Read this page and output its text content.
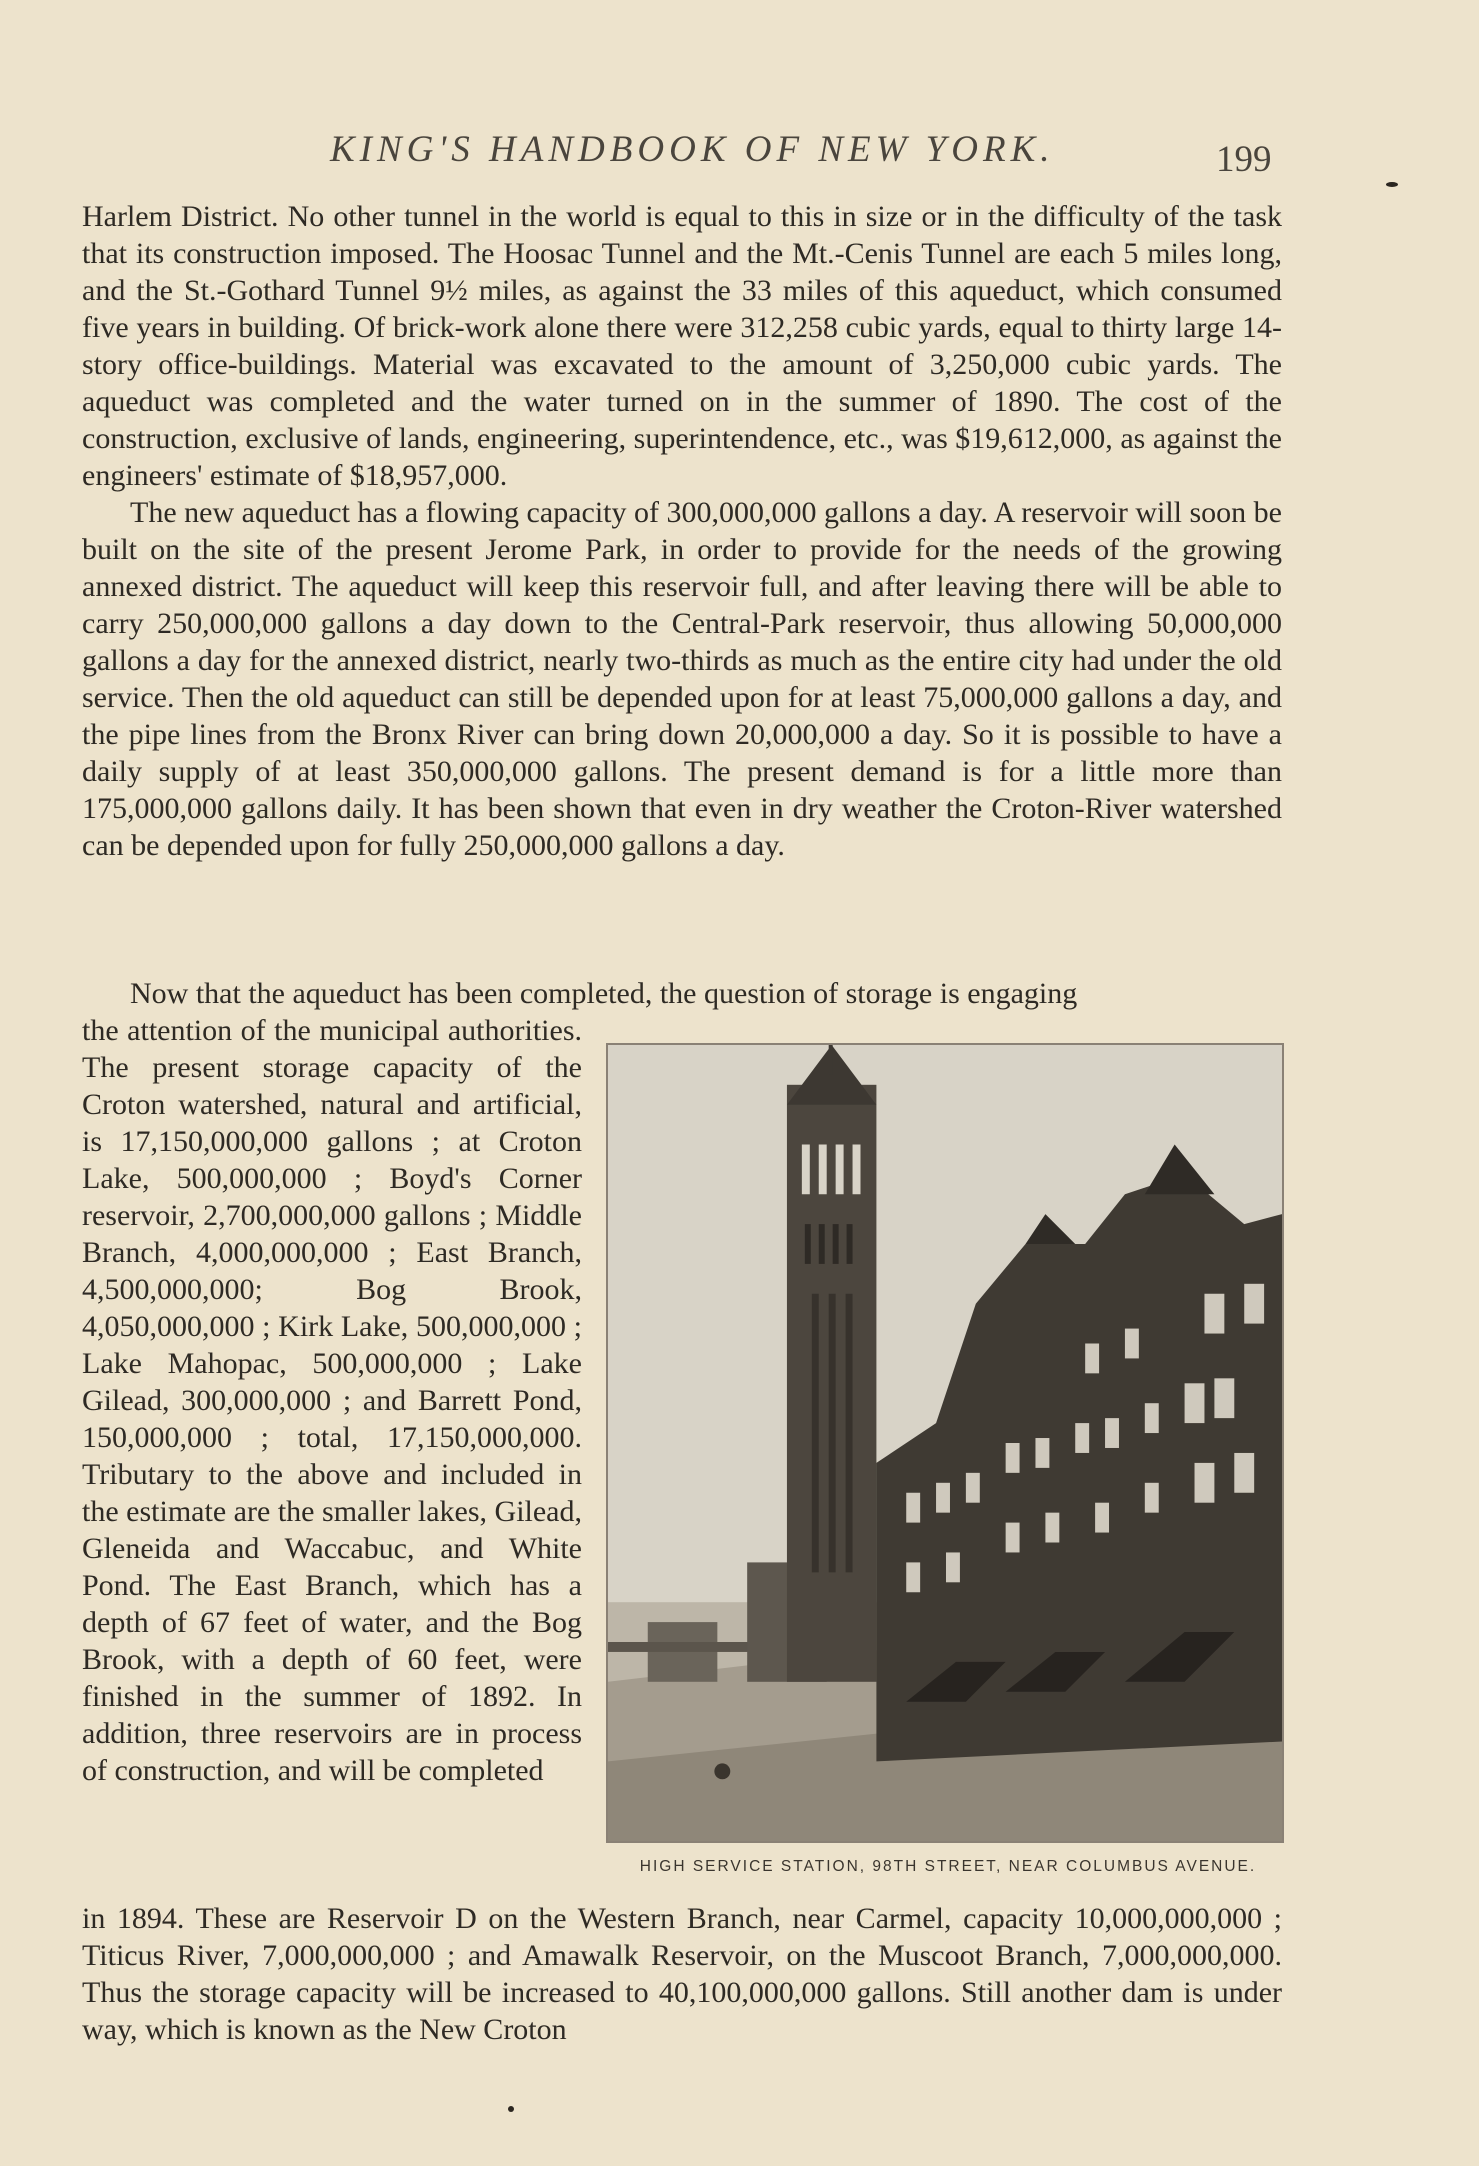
KING'S HANDBOOK OF NEW YORK.	199

Harlem District. No other tunnel in the world is equal to this in size or in the difficulty of the task that its construction imposed. The Hoosac Tunnel and the Mt.-Cenis Tunnel are each 5 miles long, and the St.-Gothard Tunnel 9½ miles, as against the 33 miles of this aqueduct, which consumed five years in building. Of brick-work alone there were 312,258 cubic yards, equal to thirty large 14-story office-buildings. Material was excavated to the amount of 3,250,000 cubic yards. The aqueduct was completed and the water turned on in the summer of 1890. The cost of the construction, exclusive of lands, engineering, superintendence, etc., was $19,612,000, as against the engineers' estimate of $18,957,000.

The new aqueduct has a flowing capacity of 300,000,000 gallons a day. A reservoir will soon be built on the site of the present Jerome Park, in order to provide for the needs of the growing annexed district. The aqueduct will keep this reservoir full, and after leaving there will be able to carry 250,000,000 gallons a day down to the Central-Park reservoir, thus allowing 50,000,000 gallons a day for the annexed district, nearly two-thirds as much as the entire city had under the old service. Then the old aqueduct can still be depended upon for at least 75,000,000 gallons a day, and the pipe lines from the Bronx River can bring down 20,000,000 a day. So it is possible to have a daily supply of at least 350,000,000 gallons. The present demand is for a little more than 175,000,000 gallons daily. It has been shown that even in dry weather the Croton-River watershed can be depended upon for fully 250,000,000 gallons a day.

Now that the aqueduct has been completed, the question of storage is engaging

the attention of the municipal authorities. The present storage capacity of the Croton watershed, natural and artificial, is 17,150,000,000 gallons ; at Croton Lake, 500,000,000 ; Boyd's Corner reservoir, 2,700,000,000 gallons ; Middle Branch, 4,000,000,000 ; East Branch, 4,500,000,000; Bog Brook, 4,050,000,000 ; Kirk Lake, 500,000,000 ; Lake Mahopac, 500,000,000 ; Lake Gilead, 300,000,000 ; and Barrett Pond, 150,000,000 ; total, 17,150,000,000. Tributary to the above and included in the estimate are the smaller lakes, Gilead, Gleneida and Waccabuc, and White Pond. The East Branch, which has a depth of 67 feet of water, and the Bog Brook, with a depth of 60 feet, were finished in the summer of 1892. In addition, three reservoirs are in process of construction, and will be completed

HIGH SERVICE STATION, 98TH STREET, NEAR COLUMBUS AVENUE.

in 1894. These are Reservoir D on the Western Branch, near Carmel, capacity 10,000,000,000 ; Titicus River, 7,000,000,000 ; and Amawalk Reservoir, on the Muscoot Branch, 7,000,000,000. Thus the storage capacity will be increased to 40,100,000,000 gallons. Still another dam is under way, which is known as the New Croton
